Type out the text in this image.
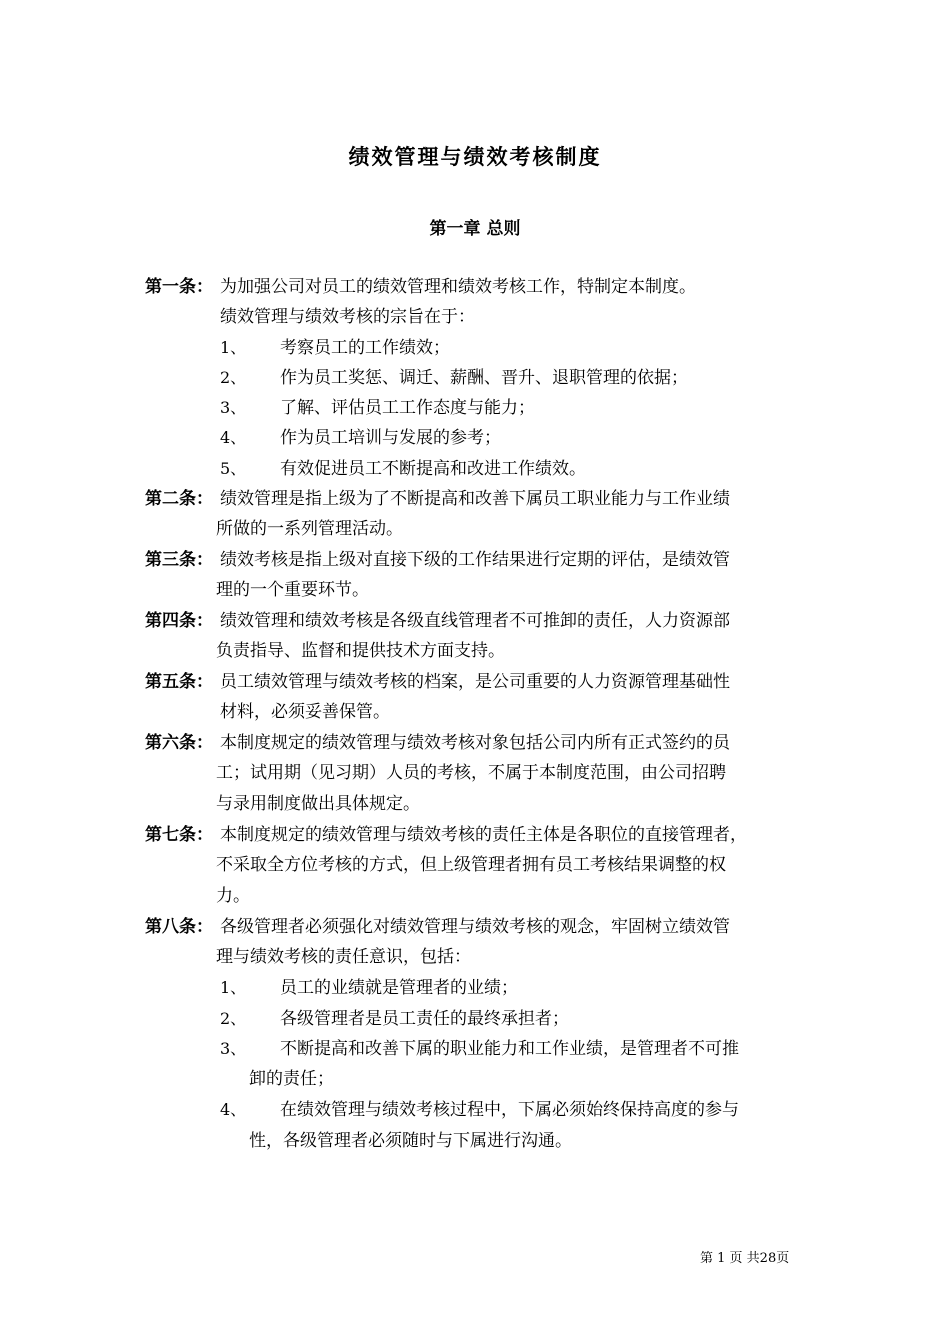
绩效管理与绩效考核制度
第一章 总则
第一条： 为加强公司对员工的绩效管理和绩效考核工作，特制定本制度。
绩效管理与绩效考核的宗旨在于：
1、 考察员工的工作绩效；
2、 作为员工奖惩、调迁、薪酬、晋升、退职管理的依据；
3、 了解、评估员工工作态度与能力；
4、 作为员工培训与发展的参考；
5、 有效促进员工不断提高和改进工作绩效。
第二条： 绩效管理是指上级为了不断提高和改善下属员工职业能力与工作业绩
所做的一系列管理活动。
第三条： 绩效考核是指上级对直接下级的工作结果进行定期的评估，是绩效管
理的一个重要环节。
第四条： 绩效管理和绩效考核是各级直线管理者不可推卸的责任，人力资源部
负责指导、监督和提供技术方面支持。
第五条： 员工绩效管理与绩效考核的档案，是公司重要的人力资源管理基础性
材料，必须妥善保管。
第六条： 本制度规定的绩效管理与绩效考核对象包括公司内所有正式签约的员
工；试用期（见习期）人员的考核，不属于本制度范围，由公司招聘
与录用制度做出具体规定。
第七条： 本制度规定的绩效管理与绩效考核的责任主体是各职位的直接管理者，
不采取全方位考核的方式，但上级管理者拥有员工考核结果调整的权
力。
第八条： 各级管理者必须强化对绩效管理与绩效考核的观念，牢固树立绩效管
理与绩效考核的责任意识，包括：
1、 员工的业绩就是管理者的业绩；
2、 各级管理者是员工责任的最终承担者；
3、 不断提高和改善下属的职业能力和工作业绩，是管理者不可推
卸的责任；
4、 在绩效管理与绩效考核过程中，下属必须始终保持高度的参与
性，各级管理者必须随时与下属进行沟通。
第 1 页 共28页
